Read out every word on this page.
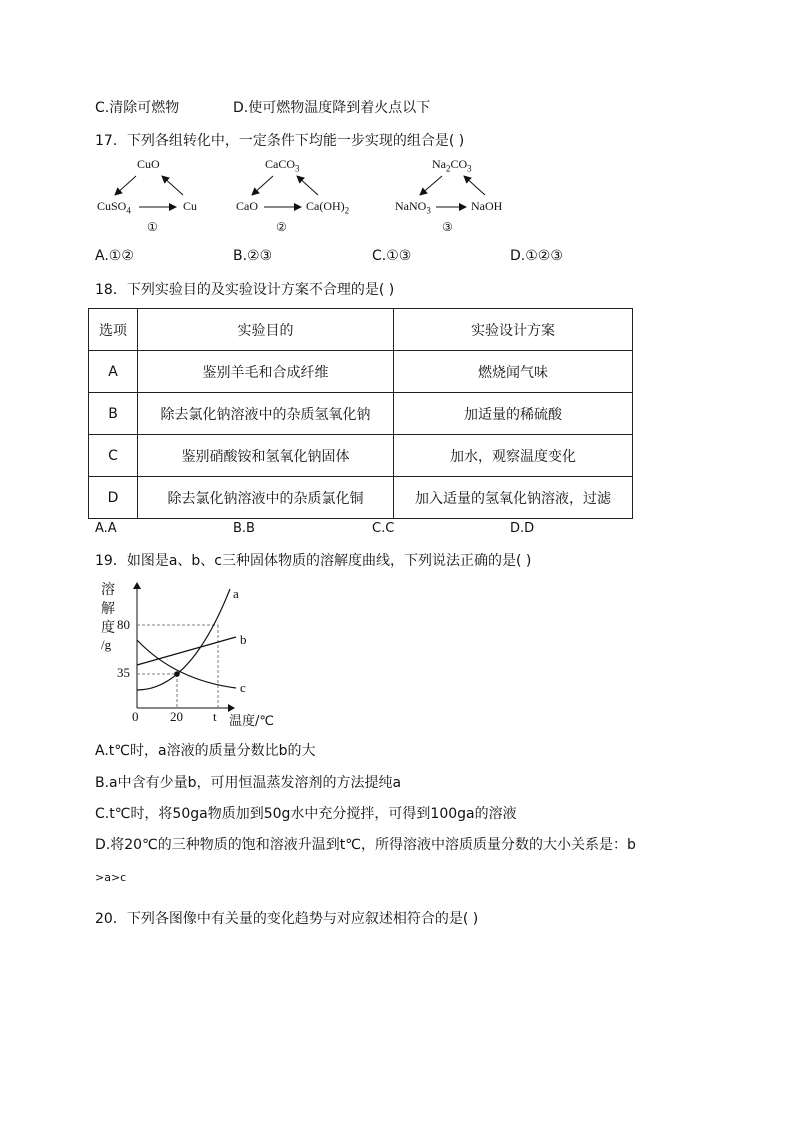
C.清除可燃物	D.使可燃物温度降到着火点以下
17．下列各组转化中，一定条件下均能一步实现的组合是( )
CuO
CuSO$_4$	Cu
①
CaCO$_3$
CaO	$Ca(OH)_2$
②
$Na_2CO_3$
NaNO$_3$	NaOH
③
A.①②	B.②③	C.①③	D.①②③
18．下列实验目的及实验设计方案不合理的是( )
选项	实验目的	实验设计方案
A	鉴别羊毛和合成纤维	燃烧闻气味
B	除去氯化钠溶液中的杂质氢氧化钠	加适量的稀硫酸
C	鉴别硝酸铵和氢氧化钠固体	加水，观察温度变化
D	除去氯化钠溶液中的杂质氯化铜	加入适量的氢氧化钠溶液，过滤
A.A	B.B	C.C	D.D
19．如图是a、b、c三种固体物质的溶解度曲线，下列说法正确的是( )
溶
解
度
/g
80
35
0 20 t 温度/℃
a
b
c
A.t℃时，a溶液的质量分数比b的大
B.a中含有少量b，可用恒温蒸发溶剂的方法提纯a
C.t℃时，将50ga物质加到50g水中充分搅拌，可得到100ga的溶液
D.将20℃的三种物质的饱和溶液升温到t℃，所得溶液中溶质质量分数的大小关系是：b
>a>c
20．下列各图像中有关量的变化趋势与对应叙述相符合的是( )
